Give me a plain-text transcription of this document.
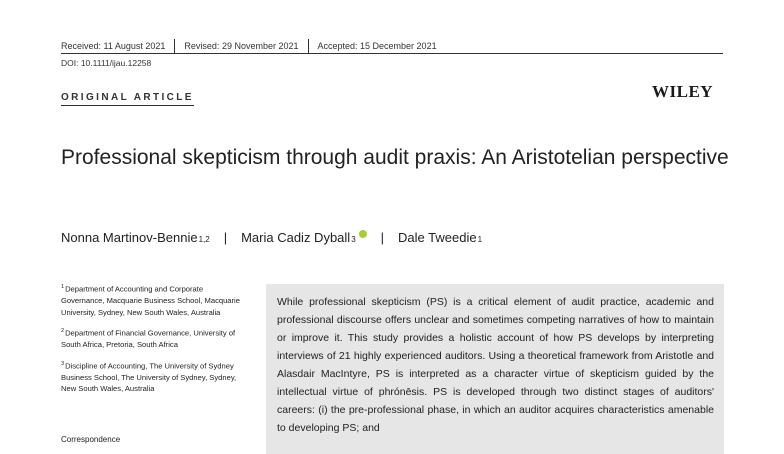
Received: 11 August 2021 Revised: 29 November 2021 Accepted: 15 December 2021
DOI: 10.1111/ijau.12258
ORIGINAL ARTICLE	WILEY
Professional skepticism through audit praxis: An Aristotelian perspective
Nonna Martinov-Bennie 1,2 | Maria Cadiz Dyball 3 | Dale Tweedie 1
$^1$Department of Accounting and Corporate Governance, Macquarie Business School, Macquarie University, Sydney, New South Wales, Australia
$^2$Department of Financial Governance, University of South Africa, Pretoria, South Africa
$^3$Discipline of Accounting, The University of Sydney Business School, The University of Sydney, Sydney, New South Wales, Australia
Correspondence
While professional skepticism (PS) is a critical element of audit practice, academic and professional discourse offers unclear and sometimes competing narratives of how to maintain or improve it. This study provides a holistic account of how PS develops by interpreting interviews of 21 highly experienced auditors. Using a theoretical framework from Aristotle and Alasdair MacIntyre, PS is interpreted as a character virtue of skepticism guided by the intellectual virtue of phrónēsis. PS is developed through two distinct stages of auditors' careers: (i) the pre-professional phase, in which an auditor acquires characteristics amenable to developing PS; and
